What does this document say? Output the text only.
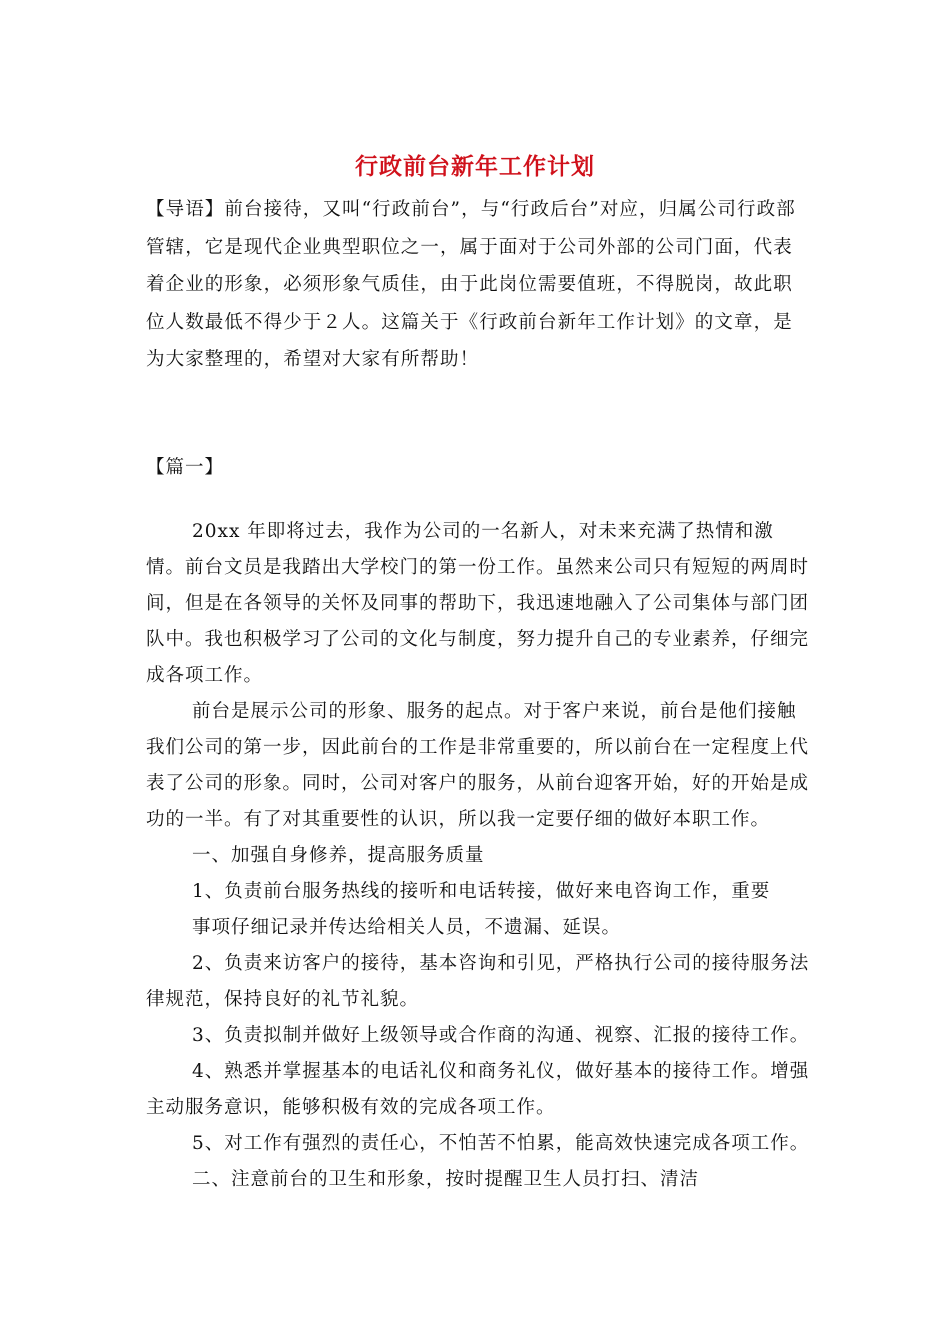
行政前台新年工作计划
【导语】前台接待，又叫“行政前台”，与“行政后台”对应，归属公司行政部管辖，它是现代企业典型职位之一，属于面对于公司外部的公司门面，代表着企业的形象，必须形象气质佳，由于此岗位需要值班，不得脱岗，故此职位人数最低不得少于２人。这篇关于《行政前台新年工作计划》的文章，是为大家整理的，希望对大家有所帮助！
【篇一】

20xx 年即将过去，我作为公司的一名新人，对未来充满了热情和激情。前台文员是我踏出大学校门的第一份工作。虽然来公司只有短短的两周时间，但是在各领导的关怀及同事的帮助下，我迅速地融入了公司集体与部门团队中。我也积极学习了公司的文化与制度，努力提升自己的专业素养，仔细完成各项工作。

前台是展示公司的形象、服务的起点。对于客户来说，前台是他们接触我们公司的第一步，因此前台的工作是非常重要的，所以前台在一定程度上代表了公司的形象。同时，公司对客户的服务，从前台迎客开始，好的开始是成功的一半。有了对其重要性的认识，所以我一定要仔细的做好本职工作。

一、加强自身修养，提高服务质量

1、负责前台服务热线的接听和电话转接，做好来电咨询工作，重要

事项仔细记录并传达给相关人员，不遗漏、延误。

2、负责来访客户的接待，基本咨询和引见，严格执行公司的接待服务法律规范，保持良好的礼节礼貌。

3、负责拟制并做好上级领导或合作商的沟通、视察、汇报的接待工作。

4、熟悉并掌握基本的电话礼仪和商务礼仪，做好基本的接待工作。增强主动服务意识，能够积极有效的完成各项工作。

5、对工作有强烈的责任心，不怕苦不怕累，能高效快速完成各项工作。

二、注意前台的卫生和形象，按时提醒卫生人员打扫、清洁
